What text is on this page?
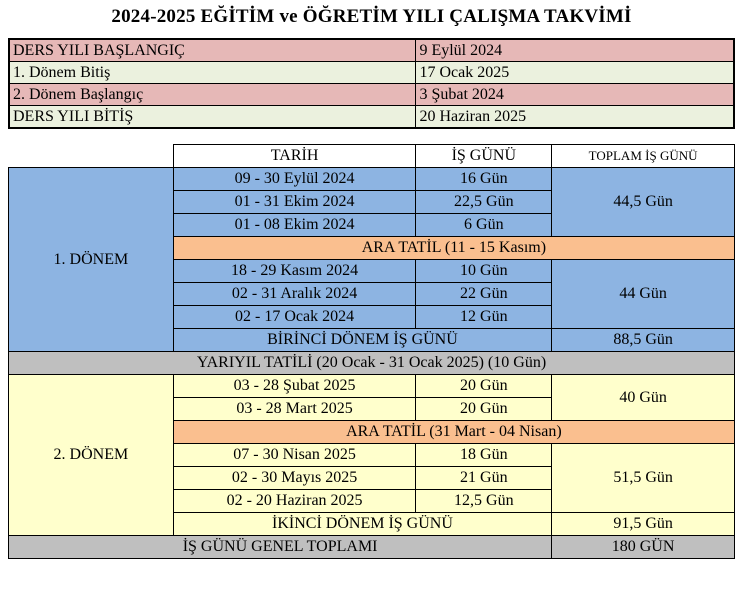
2024-2025 EĞİTİM ve ÖĞRETİM YILI ÇALIŞMA TAKVİMİ
DERS YILI BAŞLANGIÇ	9 Eylül 2024
1. Dönem Bitiş	17 Ocak 2025
2. Dönem Başlangıç	3 Şubat 2024
DERS YILI BİTİŞ	20 Haziran 2025
	TARİH	İŞ GÜNÜ	TOPLAM İŞ GÜNÜ
1. DÖNEM	09 - 30 Eylül 2024	16 Gün	44,5 Gün
	01 - 31 Ekim 2024	22,5 Gün	
	01 - 08 Ekim 2024	6 Gün	
	ARA TATİL (11 - 15 Kasım)		
	18 - 29 Kasım 2024	10 Gün	44 Gün
	02 - 31 Aralık 2024	22 Gün	
	02 - 17 Ocak 2024	12 Gün	
	BİRİNCİ DÖNEM İŞ GÜNÜ		88,5 Gün
YARIYIL TATİLİ (20 Ocak - 31 Ocak 2025) (10 Gün)			
2. DÖNEM	03 - 28 Şubat 2025	20 Gün	40 Gün
	03 - 28 Mart 2025	20 Gün	
	ARA TATİL (31 Mart - 04 Nisan)		
	07 - 30 Nisan 2025	18 Gün	51,5 Gün
	02 - 30 Mayıs 2025	21 Gün	
	02 - 20 Haziran 2025	12,5 Gün	
	İKİNCİ DÖNEM İŞ GÜNÜ		91,5 Gün
İŞ GÜNÜ GENEL TOPLAMI			180 GÜN
